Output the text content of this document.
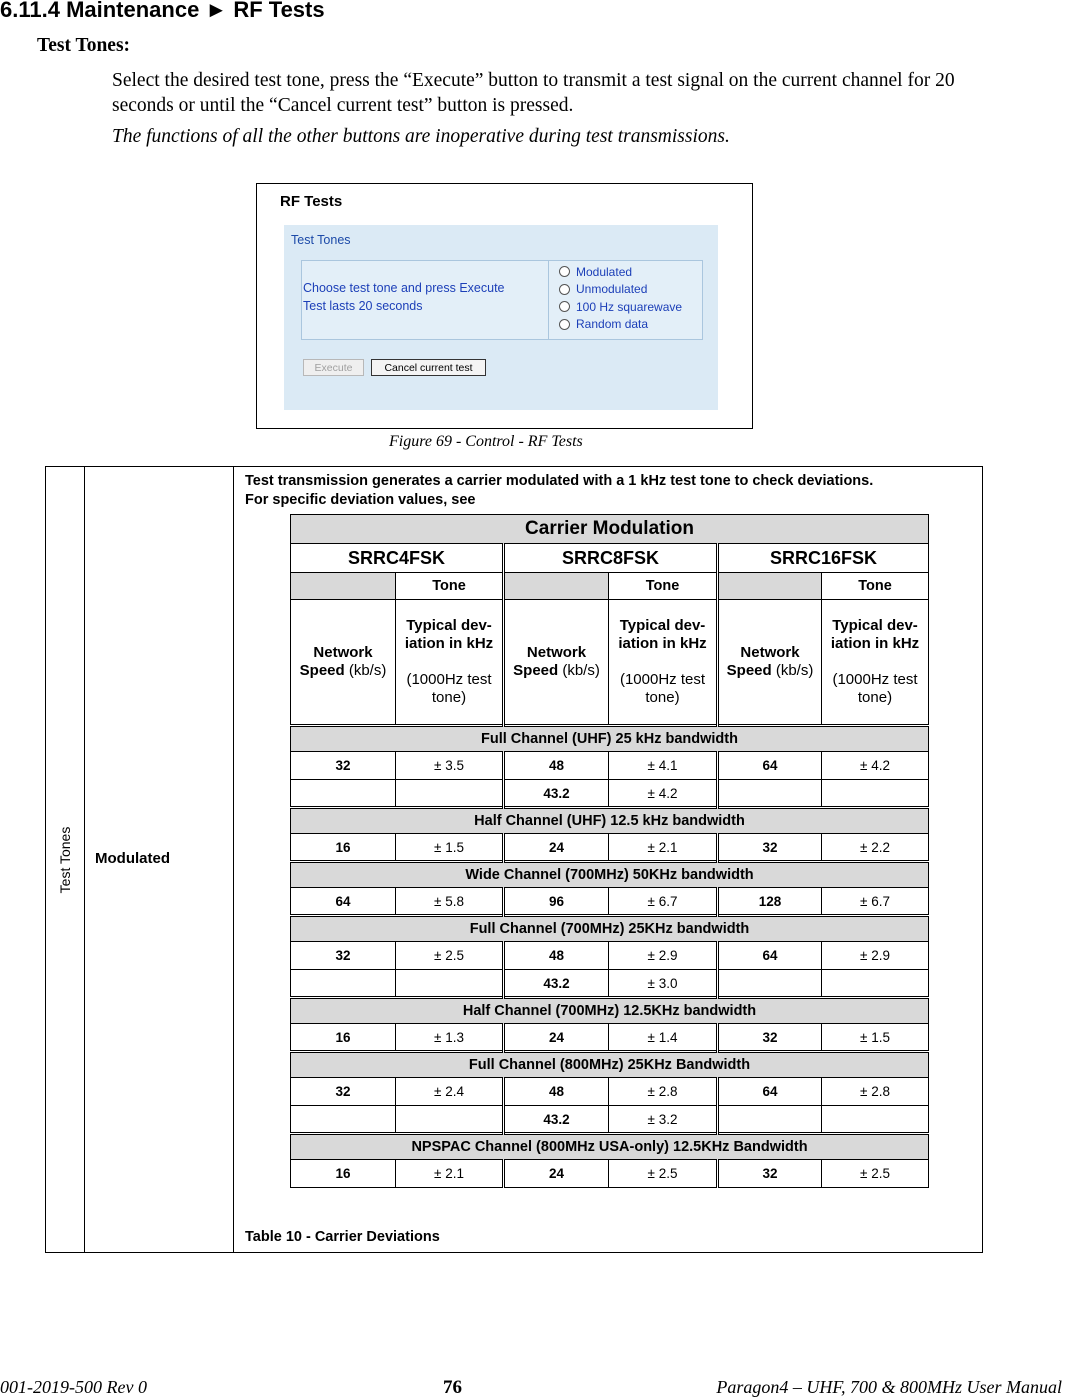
6.11.4 Maintenance ► RF Tests
Test Tones:
Select the desired test tone, press the “Execute” button to transmit a test signal on the current channel for 20 seconds or until the “Cancel current test” button is pressed.
The functions of all the other buttons are inoperative during test transmissions.
RF Tests
Test Tones
Choose test tone and press Execute
Test lasts 20 seconds
Modulated
Unmodulated
100 Hz squarewave
Random data
Execute	Cancel current test
Figure 69 - Control - RF Tests
Test Tones Modulated
Test transmission generates a carrier modulated with a 1 kHz test tone to check deviations.
For specific deviation values, see
Table 10 - Carrier Deviations
Carrier Modulation					
SRRC4FSK		SRRC8FSK		SRRC16FSK	
	Tone		Tone		Tone
Network
Speed (kb/s)	Typical dev-
iation in kHz

(1000Hz test
tone)	Network
Speed (kb/s)	Typical dev-
iation in kHz

(1000Hz test
tone)	Network
Speed (kb/s)	Typical dev-
iation in kHz

(1000Hz test
tone)
Full Channel (UHF) 25 kHz bandwidth					
32	± 3.5	48	± 4.1	64	± 4.2
		43.2	± 4.2		
Half Channel (UHF) 12.5 kHz bandwidth					
16	± 1.5	24	± 2.1	32	± 2.2
Wide Channel (700MHz) 50KHz bandwidth					
64	± 5.8	96	± 6.7	128	± 6.7
Full Channel (700MHz) 25KHz bandwidth					
32	± 2.5	48	± 2.9	64	± 2.9
		43.2	± 3.0		
Half Channel (700MHz) 12.5KHz bandwidth					
16	± 1.3	24	± 1.4	32	± 1.5
Full Channel (800MHz) 25KHz Bandwidth					
32	± 2.4	48	± 2.8	64	± 2.8
		43.2	± 3.2		
NPSPAC Channel (800MHz USA-only) 12.5KHz Bandwidth					
16	± 2.1	24	± 2.5	32	± 2.5
001-2019-500 Rev 0	76	Paragon4 – UHF, 700 & 800MHz User Manual
